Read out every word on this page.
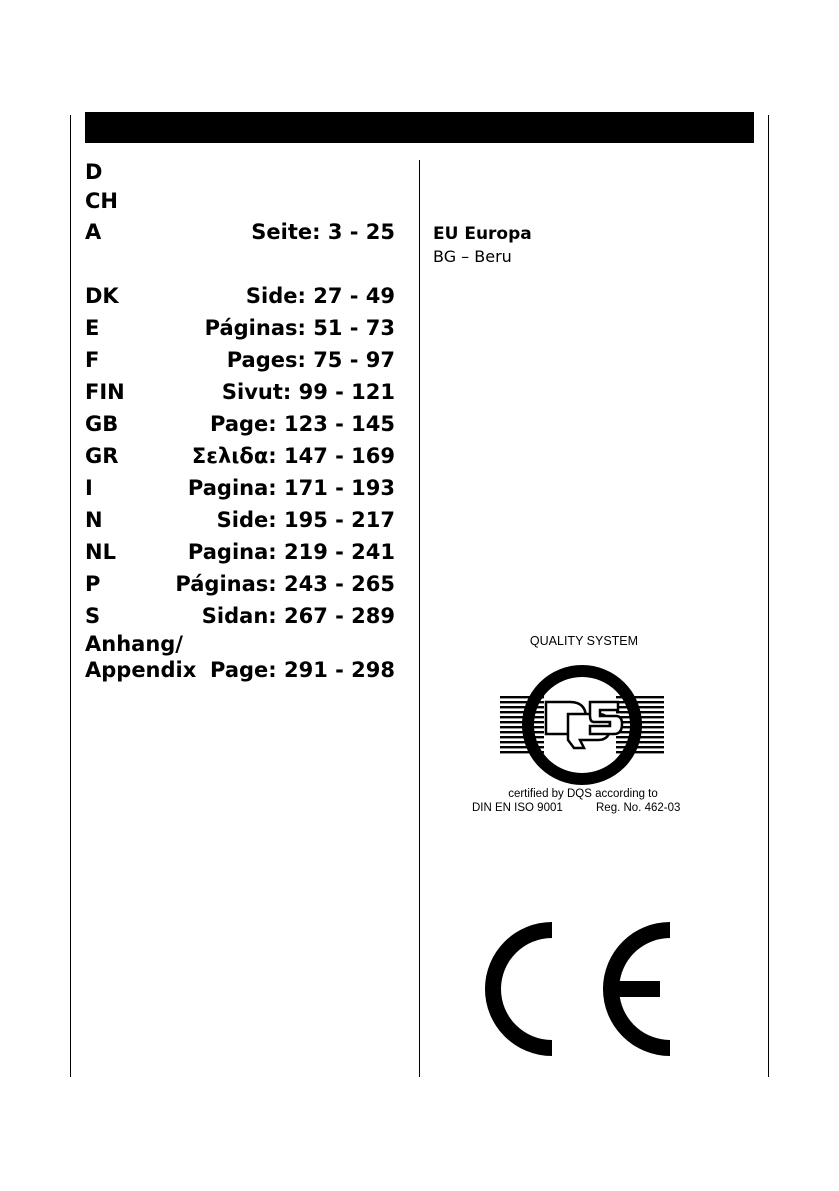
D
CH
A	Seite: 3 - 25
DK	Side: 27 - 49
E	Páginas: 51 - 73
F	Pages: 75 - 97
FIN	Sivut: 99 - 121
GB	Page: 123 - 145
GR	Σελιδα: 147 - 169
I	Pagina: 171 - 193
N	Side: 195 - 217
NL	Pagina: 219 - 241
P	Páginas: 243 - 265
S	Sidan: 267 - 289
Anhang/
Appendix Page: 291 - 298
EU Europa
BG – Beru
QUALITY SYSTEM
certified by DQS according to
DIN EN ISO 9001	Reg. No. 462-03
